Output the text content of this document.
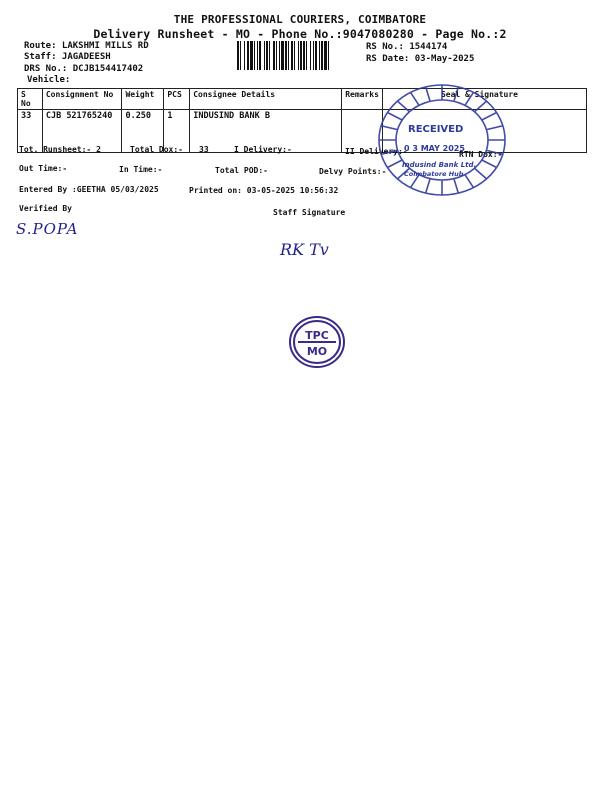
THE PROFESSIONAL COURIERS, COIMBATORE
Delivery Runsheet - MO - Phone No.:9047080280 - Page No.:2
Route: LAKSHMI MILLS RD
Staff: JAGADEESH
DRS No.: DCJB154417402
Vehicle:
RS No.: 1544174
RS Date: 03-May-2025
S No	Consignment No	Weight	PCS	Consignee Details	Remarks	Seal & Signature
33	CJB 521765240	0.250	1	INDUSIND BANK B		
Tot. Runsheet:- 2	Total Dox:- 33	I Delivery:-	II Delivery:-	RTN Dox:-
Out Time:-	In Time:-	Total POD:-	Delvy Points:-
Entered By :GEETHA 05/03/2025	Printed on: 03-05-2025 10:56:32
Verified By	Staff Signature
S.POPA
RK Tv
RECEIVED
0 3 MAY 2025
Indusind Bank Ltd.
Coimbatore Hub
TPC
MO
